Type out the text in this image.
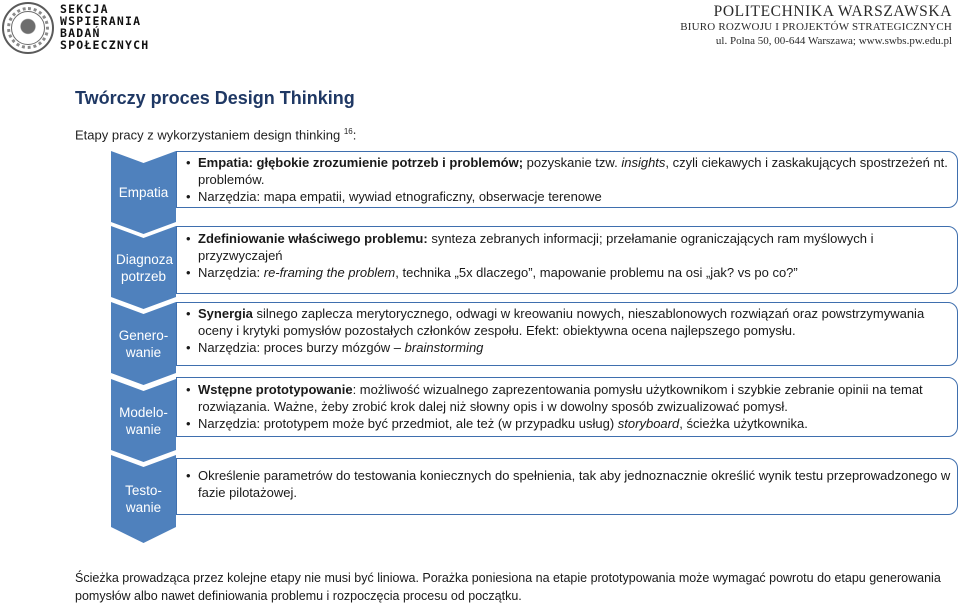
SEKCJA
WSPIERANIA
BADAŃ
SPOŁECZNYCH
POLITECHNIKA WARSZAWSKA
BIURO ROZWOJU I PROJEKTÓW STRATEGICZNYCH
ul. Polna 50, 00-644 Warszawa; www.swbs.pw.edu.pl
Twórczy proces Design Thinking
Etapy pracy z wykorzystaniem design thinking $^{16}$:
Empatia
Diagnoza potrzeb
Genero-wanie
Modelo-wanie
Testo-wanie
• Empatia: głębokie zrozumienie potrzeb i problemów; pozyskanie tzw. insights, czyli ciekawych i zaskakujących spostrzeżeń nt. problemów.
• Narzędzia: mapa empatii, wywiad etnograficzny, obserwacje terenowe
• Zdefiniowanie właściwego problemu: synteza zebranych informacji; przełamanie ograniczających ram myślowych i przyzwyczajeń
• Narzędzia: re-framing the problem, technika „5x dlaczego”, mapowanie problemu na osi „jak? vs po co?”
• Synergia silnego zaplecza merytorycznego, odwagi w kreowaniu nowych, nieszablonowych rozwiązań oraz powstrzymywania oceny i krytyki pomysłów pozostałych członków zespołu. Efekt: obiektywna ocena najlepszego pomysłu.
• Narzędzia: proces burzy mózgów – brainstorming
• Wstępne prototypowanie: możliwość wizualnego zaprezentowania pomysłu użytkownikom i szybkie zebranie opinii na temat rozwiązania. Ważne, żeby zrobić krok dalej niż słowny opis i w dowolny sposób zwizualizować pomysł.
• Narzędzia: prototypem może być przedmiot, ale też (w przypadku usług) storyboard, ścieżka użytkownika.
• Określenie parametrów do testowania koniecznych do spełnienia, tak aby jednoznacznie określić wynik testu przeprowadzonego w fazie pilotażowej.
Ścieżka prowadząca przez kolejne etapy nie musi być liniowa. Porażka poniesiona na etapie prototypowania może wymagać powrotu do etapu generowania pomysłów albo nawet definiowania problemu i rozpoczęcia procesu od początku.
